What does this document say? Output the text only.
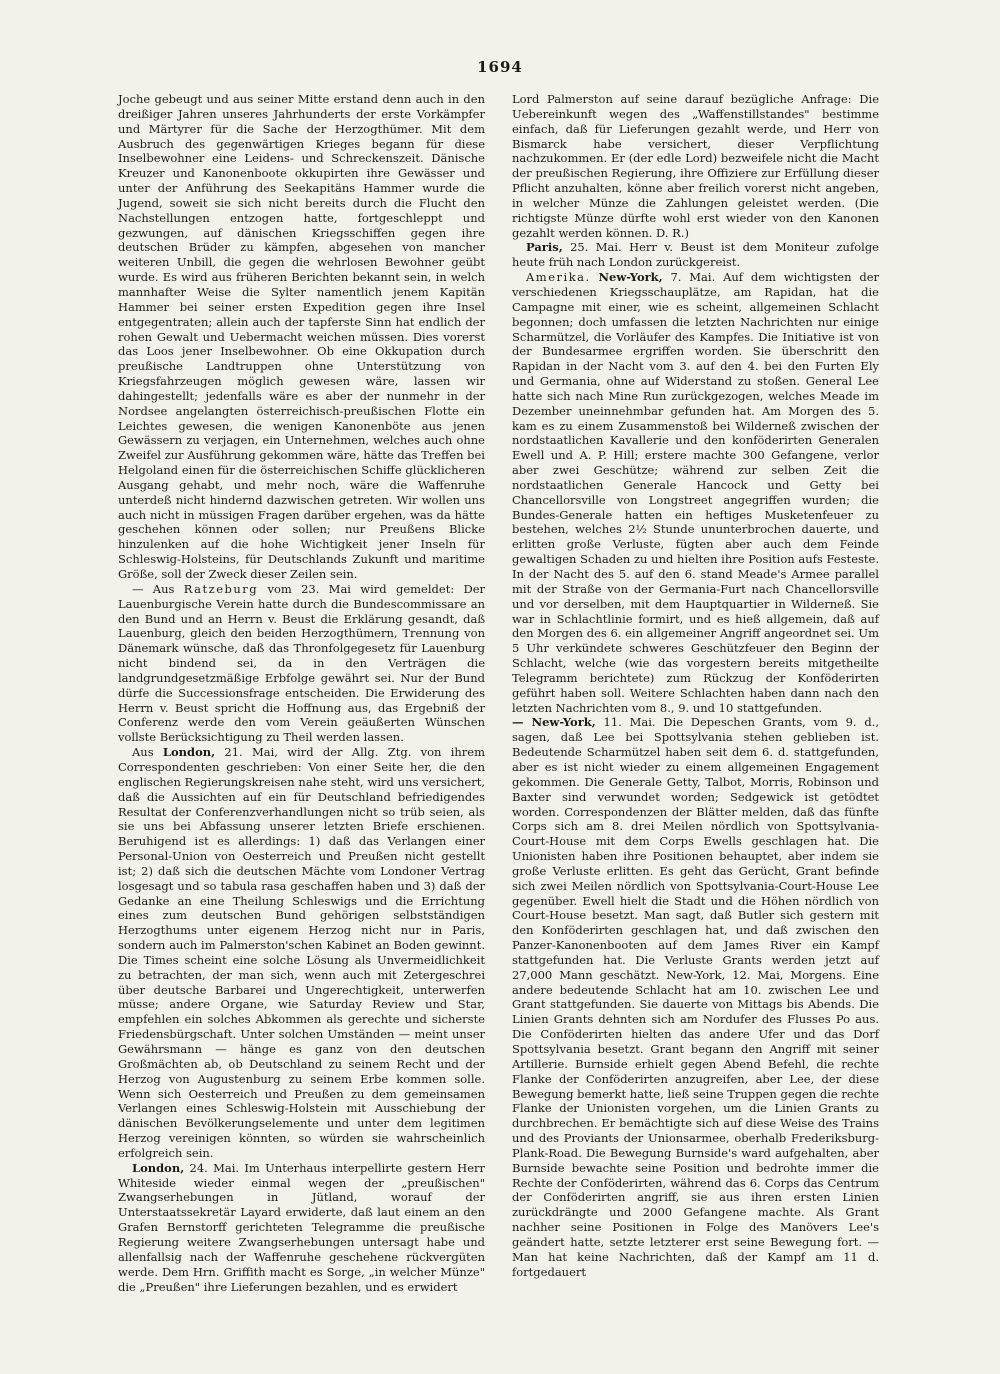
1694

Joche gebeugt und aus seiner Mitte erstand denn auch in den dreißiger Jahren unseres Jahrhunderts der erste Vorkämpfer und Märtyrer für die Sache der Herzogthümer. Mit dem Ausbruch des gegenwärtigen Krieges begann für diese Inselbewohner eine Leidens- und Schreckenszeit. Dänische Kreuzer und Kanonenboote okkupirten ihre Gewässer und unter der Anführung des Seekapitäns Hammer wurde die Jugend, soweit sie sich nicht bereits durch die Flucht den Nachstellungen entzogen hatte, fortgeschleppt und gezwungen, auf dänischen Kriegsschiffen gegen ihre deutschen Brüder zu kämpfen, abgesehen von mancher weiteren Unbill, die gegen die wehrlosen Bewohner geübt wurde. Es wird aus früheren Berichten bekannt sein, in welch mannhafter Weise die Sylter namentlich jenem Kapitän Hammer bei seiner ersten Expedition gegen ihre Insel entgegentraten; allein auch der tapferste Sinn hat endlich der rohen Gewalt und Uebermacht weichen müssen. Dies vorerst das Loos jener Inselbewohner. Ob eine Okkupation durch preußische Landtruppen ohne Unterstützung von Kriegsfahrzeugen möglich gewesen wäre, lassen wir dahingestellt; jedenfalls wäre es aber der nunmehr in der Nordsee angelangten österreichisch-preußischen Flotte ein Leichtes gewesen, die wenigen Kanonenböte aus jenen Gewässern zu verjagen, ein Unternehmen, welches auch ohne Zweifel zur Ausführung gekommen wäre, hätte das Treffen bei Helgoland einen für die österreichischen Schiffe glücklicheren Ausgang gehabt, und mehr noch, wäre die Waffenruhe unterdeß nicht hindernd dazwischen getreten. Wir wollen uns auch nicht in müssigen Fragen darüber ergehen, was da hätte geschehen können oder sollen; nur Preußens Blicke hinzulenken auf die hohe Wichtigkeit jener Inseln für Schleswig-Holsteins, für Deutschlands Zukunft und maritime Größe, soll der Zweck dieser Zeilen sein.

— Aus Ratzeburg vom 23. Mai wird gemeldet: Der Lauenburgische Verein hatte durch die Bundescommissare an den Bund und an Herrn v. Beust die Erklärung gesandt, daß Lauenburg, gleich den beiden Herzogthümern, Trennung von Dänemark wünsche, daß das Thronfolgegesetz für Lauenburg nicht bindend sei, da in den Verträgen die landgrundgesetzmäßige Erbfolge gewährt sei. Nur der Bund dürfe die Successionsfrage entscheiden. Die Erwiderung des Herrn v. Beust spricht die Hoffnung aus, das Ergebniß der Conferenz werde den vom Verein geäußerten Wünschen vollste Berücksichtigung zu Theil werden lassen.

Aus London, 21. Mai, wird der Allg. Ztg. von ihrem Correspondenten geschrieben: Von einer Seite her, die den englischen Regierungskreisen nahe steht, wird uns versichert, daß die Aussichten auf ein für Deutschland befriedigendes Resultat der Conferenzverhandlungen nicht so trüb seien, als sie uns bei Abfassung unserer letzten Briefe erschienen. Beruhigend ist es allerdings: 1) daß das Verlangen einer Personal-Union von Oesterreich und Preußen nicht gestellt ist; 2) daß sich die deutschen Mächte vom Londoner Vertrag losgesagt und so tabula rasa geschaffen haben und 3) daß der Gedanke an eine Theilung Schleswigs und die Errichtung eines zum deutschen Bund gehörigen selbstständigen Herzogthums unter eigenem Herzog nicht nur in Paris, sondern auch im Palmerston'schen Kabinet an Boden gewinnt. Die Times scheint eine solche Lösung als Unvermeidlichkeit zu betrachten, der man sich, wenn auch mit Zetergeschrei über deutsche Barbarei und Ungerechtigkeit, unterwerfen müsse; andere Organe, wie Saturday Review und Star, empfehlen ein solches Abkommen als gerechte und sicherste Friedensbürgschaft. Unter solchen Umständen — meint unser Gewährsmann — hänge es ganz von den deutschen Großmächten ab, ob Deutschland zu seinem Recht und der Herzog von Augustenburg zu seinem Erbe kommen solle. Wenn sich Oesterreich und Preußen zu dem gemeinsamen Verlangen eines Schleswig-Holstein mit Ausschiebung der dänischen Bevölkerungselemente und unter dem legitimen Herzog vereinigen könnten, so würden sie wahrscheinlich erfolgreich sein.

London, 24. Mai. Im Unterhaus interpellirte gestern Herr Whiteside wieder einmal wegen der „preußischen" Zwangserhebungen in Jütland, worauf der Unterstaatssekretär Layard erwiderte, daß laut einem an den Grafen Bernstorff gerichteten Telegramme die preußische Regierung weitere Zwangserhebungen untersagt habe und allenfallsig nach der Waffenruhe geschehene rückvergüten werde. Dem Hrn. Griffith macht es Sorge, „in welcher Münze" die „Preußen" ihre Lieferungen bezahlen, und es erwidert

Lord Palmerston auf seine darauf bezügliche Anfrage: Die Uebereinkunft wegen des „Waffenstillstandes" bestimme einfach, daß für Lieferungen gezahlt werde, und Herr von Bismarck habe versichert, dieser Verpflichtung nachzukommen. Er (der edle Lord) bezweifele nicht die Macht der preußischen Regierung, ihre Offiziere zur Erfüllung dieser Pflicht anzuhalten, könne aber freilich vorerst nicht angeben, in welcher Münze die Zahlungen geleistet werden. (Die richtigste Münze dürfte wohl erst wieder von den Kanonen gezahlt werden können. D. R.)

Paris, 25. Mai. Herr v. Beust ist dem Moniteur zufolge heute früh nach London zurückgereist.

Amerika. New-York, 7. Mai. Auf dem wichtigsten der verschiedenen Kriegsschauplätze, am Rapidan, hat die Campagne mit einer, wie es scheint, allgemeinen Schlacht begonnen; doch umfassen die letzten Nachrichten nur einige Scharmützel, die Vorläufer des Kampfes. Die Initiative ist von der Bundesarmee ergriffen worden. Sie überschritt den Rapidan in der Nacht vom 3. auf den 4. bei den Furten Ely und Germania, ohne auf Widerstand zu stoßen. General Lee hatte sich nach Mine Run zurückgezogen, welches Meade im Dezember uneinnehmbar gefunden hat. Am Morgen des 5. kam es zu einem Zusammenstoß bei Wilderneß zwischen der nordstaatlichen Kavallerie und den konföderirten Generalen Ewell und A. P. Hill; erstere machte 300 Gefangene, verlor aber zwei Geschütze; während zur selben Zeit die nordstaatlichen Generale Hancock und Getty bei Chancellorsville von Longstreet angegriffen wurden; die Bundes-Generale hatten ein heftiges Musketenfeuer zu bestehen, welches 2½ Stunde ununterbrochen dauerte, und erlitten große Verluste, fügten aber auch dem Feinde gewaltigen Schaden zu und hielten ihre Position aufs Festeste. In der Nacht des 5. auf den 6. stand Meade's Armee parallel mit der Straße von der Germania-Furt nach Chancellorsville und vor derselben, mit dem Hauptquartier in Wilderneß. Sie war in Schlachtlinie formirt, und es hieß allgemein, daß auf den Morgen des 6. ein allgemeiner Angriff angeordnet sei. Um 5 Uhr verkündete schweres Geschützfeuer den Beginn der Schlacht, welche (wie das vorgestern bereits mitgetheilte Telegramm berichtete) zum Rückzug der Konföderirten geführt haben soll. Weitere Schlachten haben dann nach den letzten Nachrichten vom 8., 9. und 10 stattgefunden.

— New-York, 11. Mai. Die Depeschen Grants, vom 9. d., sagen, daß Lee bei Spottsylvania stehen geblieben ist. Bedeutende Scharmützel haben seit dem 6. d. stattgefunden, aber es ist nicht wieder zu einem allgemeinen Engagement gekommen. Die Generale Getty, Talbot, Morris, Robinson und Baxter sind verwundet worden; Sedgewick ist getödtet worden. Correspondenzen der Blätter melden, daß das fünfte Corps sich am 8. drei Meilen nördlich von Spottsylvania-Court-House mit dem Corps Ewells geschlagen hat. Die Unionisten haben ihre Positionen behauptet, aber indem sie große Verluste erlitten. Es geht das Gerücht, Grant befinde sich zwei Meilen nördlich von Spottsylvania-Court-House Lee gegenüber. Ewell hielt die Stadt und die Höhen nördlich von Court-House besetzt. Man sagt, daß Butler sich gestern mit den Konföderirten geschlagen hat, und daß zwischen den Panzer-Kanonenbooten auf dem James River ein Kampf stattgefunden hat. Die Verluste Grants werden jetzt auf 27,000 Mann geschätzt. New-York, 12. Mai, Morgens. Eine andere bedeutende Schlacht hat am 10. zwischen Lee und Grant stattgefunden. Sie dauerte von Mittags bis Abends. Die Linien Grants dehnten sich am Nordufer des Flusses Po aus. Die Conföderirten hielten das andere Ufer und das Dorf Spottsylvania besetzt. Grant begann den Angriff mit seiner Artillerie. Burnside erhielt gegen Abend Befehl, die rechte Flanke der Conföderirten anzugreifen, aber Lee, der diese Bewegung bemerkt hatte, ließ seine Truppen gegen die rechte Flanke der Unionisten vorgehen, um die Linien Grants zu durchbrechen. Er bemächtigte sich auf diese Weise des Trains und des Proviants der Unionsarmee, oberhalb Frederiksburg-Plank-Road. Die Bewegung Burnside's ward aufgehalten, aber Burnside bewachte seine Position und bedrohte immer die Rechte der Conföderirten, während das 6. Corps das Centrum der Conföderirten angriff, sie aus ihren ersten Linien zurückdrängte und 2000 Gefangene machte. Als Grant nachher seine Positionen in Folge des Manövers Lee's geändert hatte, setzte letzterer erst seine Bewegung fort. — Man hat keine Nachrichten, daß der Kampf am 11 d. fortgedauert
